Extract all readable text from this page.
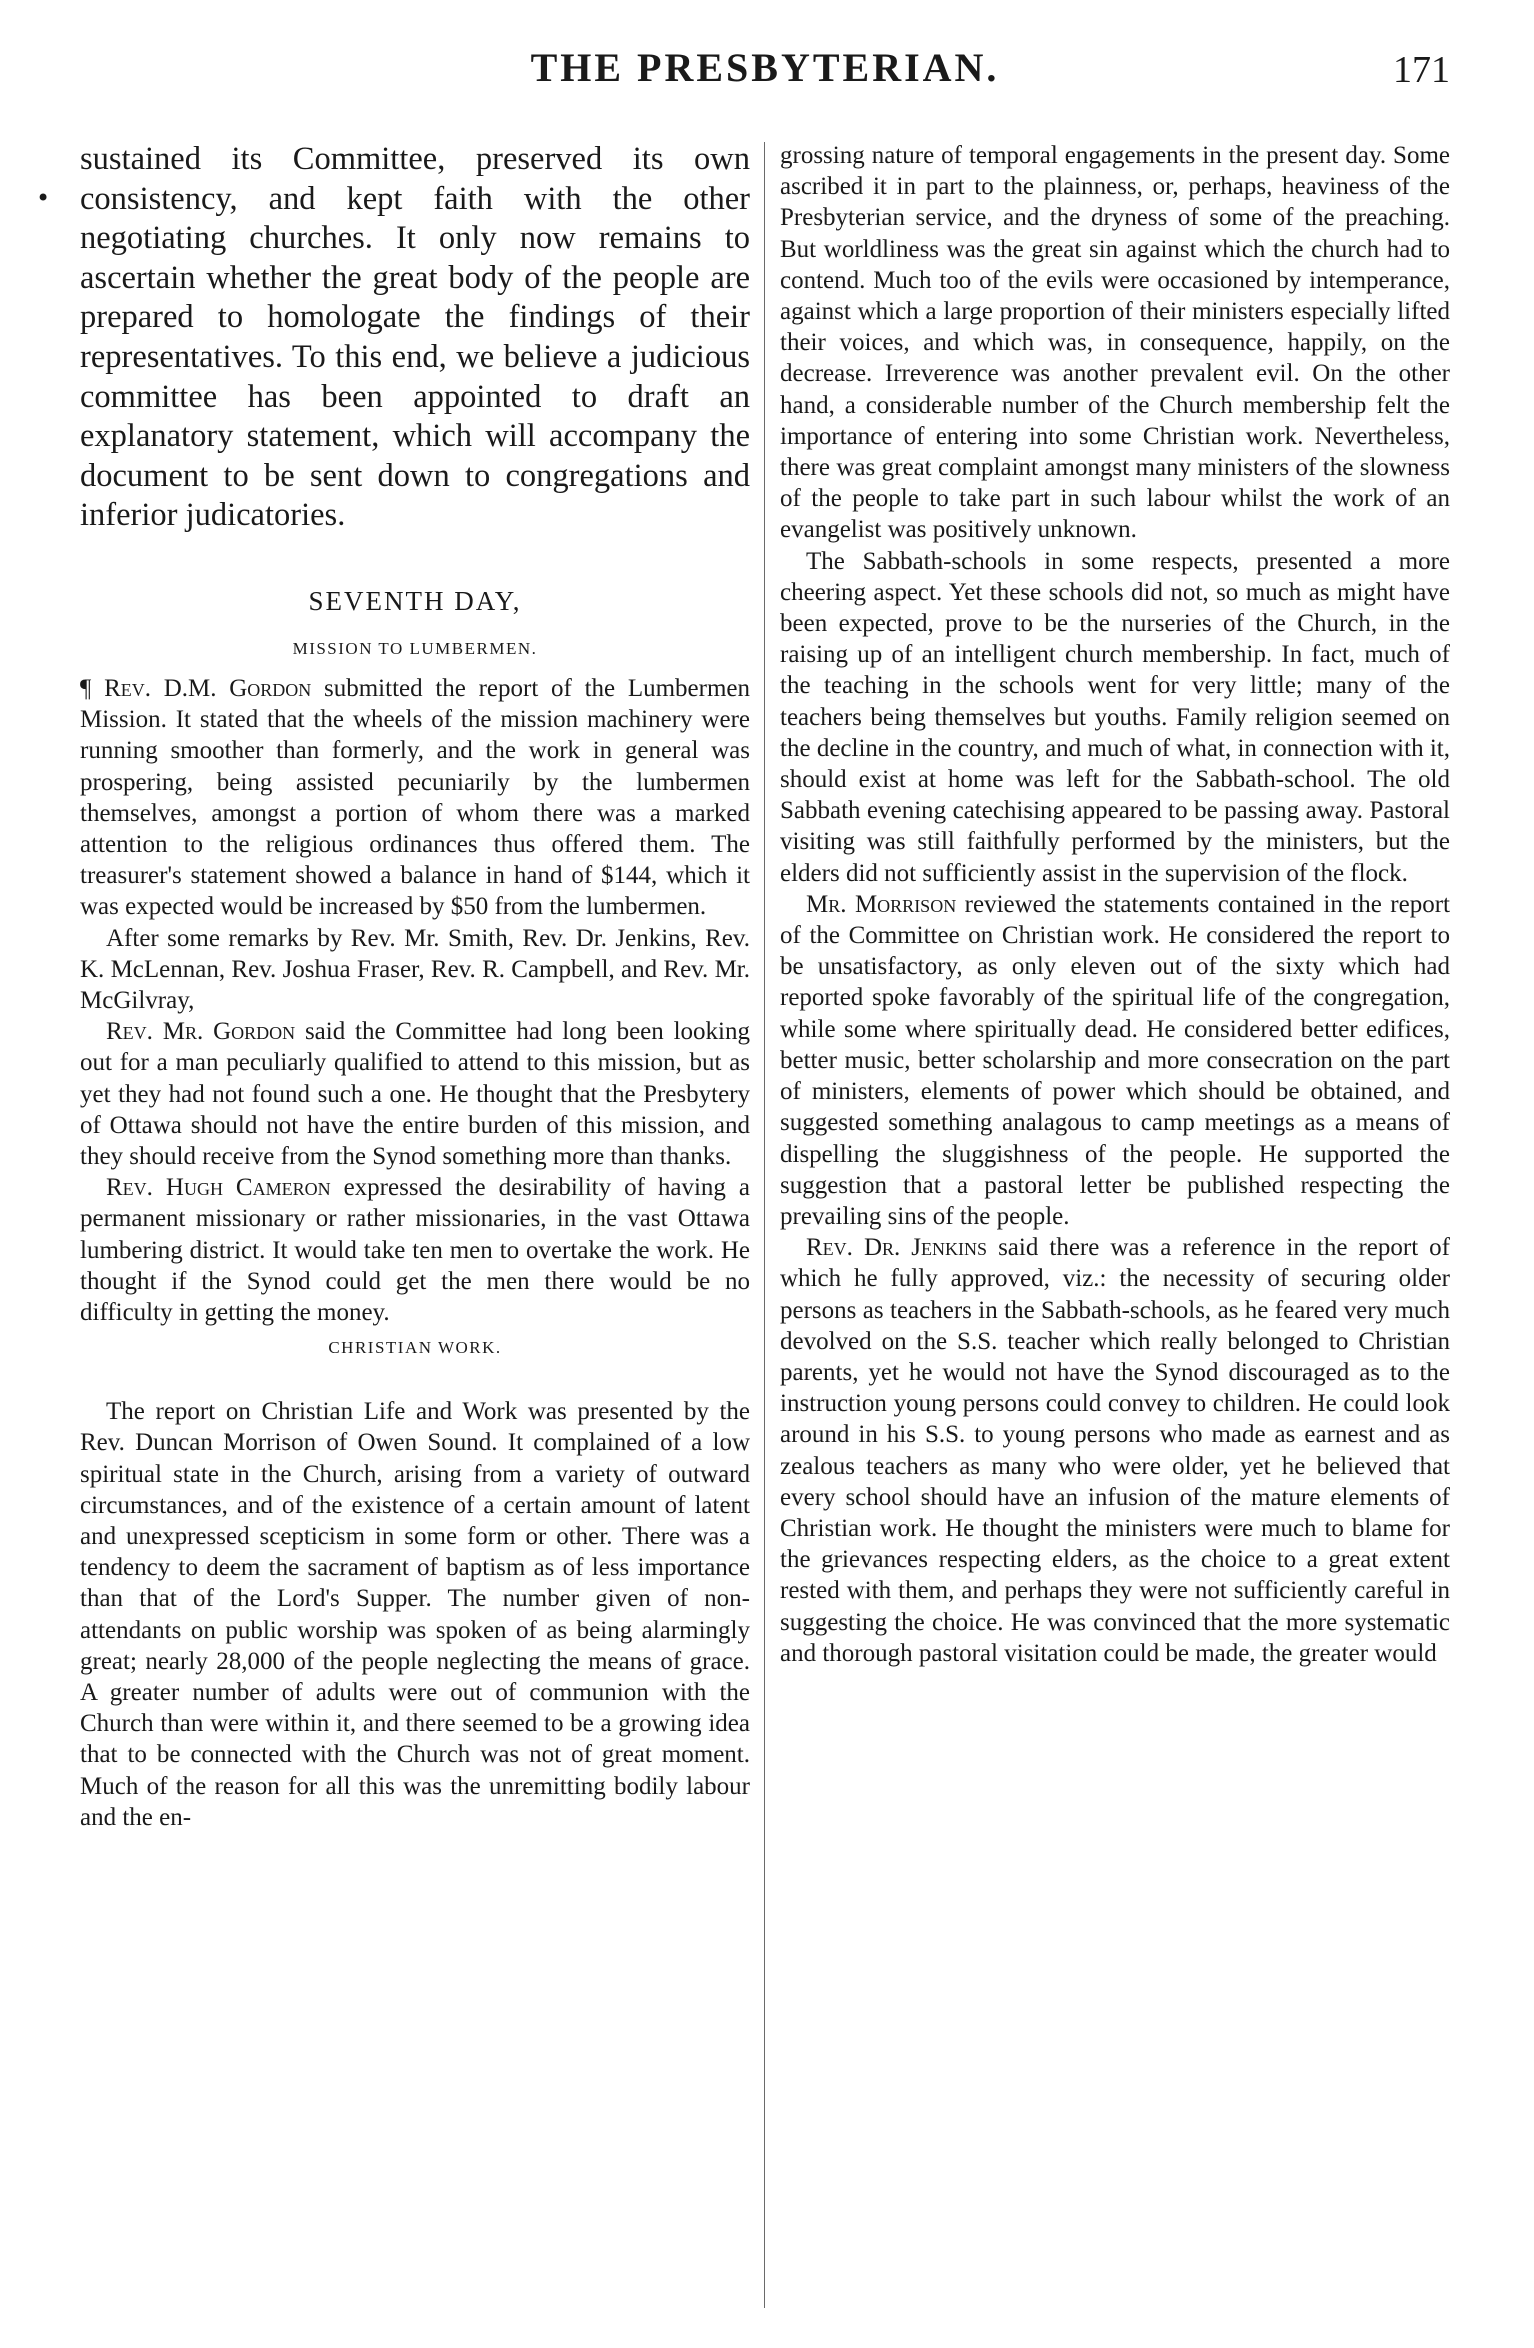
THE PRESBYTERIAN.	171
•

sustained its Committee, preserved its own consistency, and kept faith with the other negotiating churches. It only now remains to ascertain whether the great body of the people are prepared to homologate the findings of their representatives. To this end, we believe a judicious committee has been appointed to draft an explanatory statement, which will accompany the document to be sent down to congregations and inferior judicatories.

SEVENTH DAY,
MISSION TO LUMBERMEN.

¶ Rev. D.M. Gordon submitted the report of the Lumbermen Mission. It stated that the wheels of the mission machinery were running smoother than formerly, and the work in general was prospering, being assisted pecuniarily by the lumbermen themselves, amongst a portion of whom there was a marked attention to the religious ordinances thus offered them. The treasurer's statement showed a balance in hand of $144, which it was expected would be increased by $50 from the lumbermen.

After some remarks by Rev. Mr. Smith, Rev. Dr. Jenkins, Rev. K. McLennan, Rev. Joshua Fraser, Rev. R. Campbell, and Rev. Mr. McGilvray,

Rev. Mr. Gordon said the Committee had long been looking out for a man peculiarly qualified to attend to this mission, but as yet they had not found such a one. He thought that the Presbytery of Ottawa should not have the entire burden of this mission, and they should receive from the Synod something more than thanks.

Rev. Hugh Cameron expressed the desirability of having a permanent missionary or rather missionaries, in the vast Ottawa lumbering district. It would take ten men to overtake the work. He thought if the Synod could get the men there would be no difficulty in getting the money.

CHRISTIAN WORK.

The report on Christian Life and Work was presented by the Rev. Duncan Morrison of Owen Sound. It complained of a low spiritual state in the Church, arising from a variety of outward circumstances, and of the existence of a certain amount of latent and unexpressed scepticism in some form or other. There was a tendency to deem the sacrament of baptism as of less importance than that of the Lord's Supper. The number given of non-attendants on public worship was spoken of as being alarmingly great; nearly 28,000 of the people neglecting the means of grace. A greater number of adults were out of communion with the Church than were within it, and there seemed to be a growing idea that to be connected with the Church was not of great moment. Much of the reason for all this was the unremitting bodily labour and the en-

grossing nature of temporal engagements in the present day. Some ascribed it in part to the plainness, or, perhaps, heaviness of the Presbyterian service, and the dryness of some of the preaching. But worldliness was the great sin against which the church had to contend. Much too of the evils were occasioned by intemperance, against which a large proportion of their ministers especially lifted their voices, and which was, in consequence, happily, on the decrease. Irreverence was another prevalent evil. On the other hand, a considerable number of the Church membership felt the importance of entering into some Christian work. Nevertheless, there was great complaint amongst many ministers of the slowness of the people to take part in such labour whilst the work of an evangelist was positively unknown.

The Sabbath-schools in some respects, presented a more cheering aspect. Yet these schools did not, so much as might have been expected, prove to be the nurseries of the Church, in the raising up of an intelligent church membership. In fact, much of the teaching in the schools went for very little; many of the teachers being themselves but youths. Family religion seemed on the decline in the country, and much of what, in connection with it, should exist at home was left for the Sabbath-school. The old Sabbath evening catechising appeared to be passing away. Pastoral visiting was still faithfully performed by the ministers, but the elders did not sufficiently assist in the supervision of the flock.

Mr. Morrison reviewed the statements contained in the report of the Committee on Christian work. He considered the report to be unsatisfactory, as only eleven out of the sixty which had reported spoke favorably of the spiritual life of the congregation, while some where spiritually dead. He considered better edifices, better music, better scholarship and more consecration on the part of ministers, elements of power which should be obtained, and suggested something analagous to camp meetings as a means of dispelling the sluggishness of the people. He supported the suggestion that a pastoral letter be published respecting the prevailing sins of the people.

Rev. Dr. Jenkins said there was a reference in the report of which he fully approved, viz.: the necessity of securing older persons as teachers in the Sabbath-schools, as he feared very much devolved on the S.S. teacher which really belonged to Christian parents, yet he would not have the Synod discouraged as to the instruction young persons could convey to children. He could look around in his S.S. to young persons who made as earnest and as zealous teachers as many who were older, yet he believed that every school should have an infusion of the mature elements of Christian work. He thought the ministers were much to blame for the grievances respecting elders, as the choice to a great extent rested with them, and perhaps they were not sufficiently careful in suggesting the choice. He was convinced that the more systematic and thorough pastoral visitation could be made, the greater would
